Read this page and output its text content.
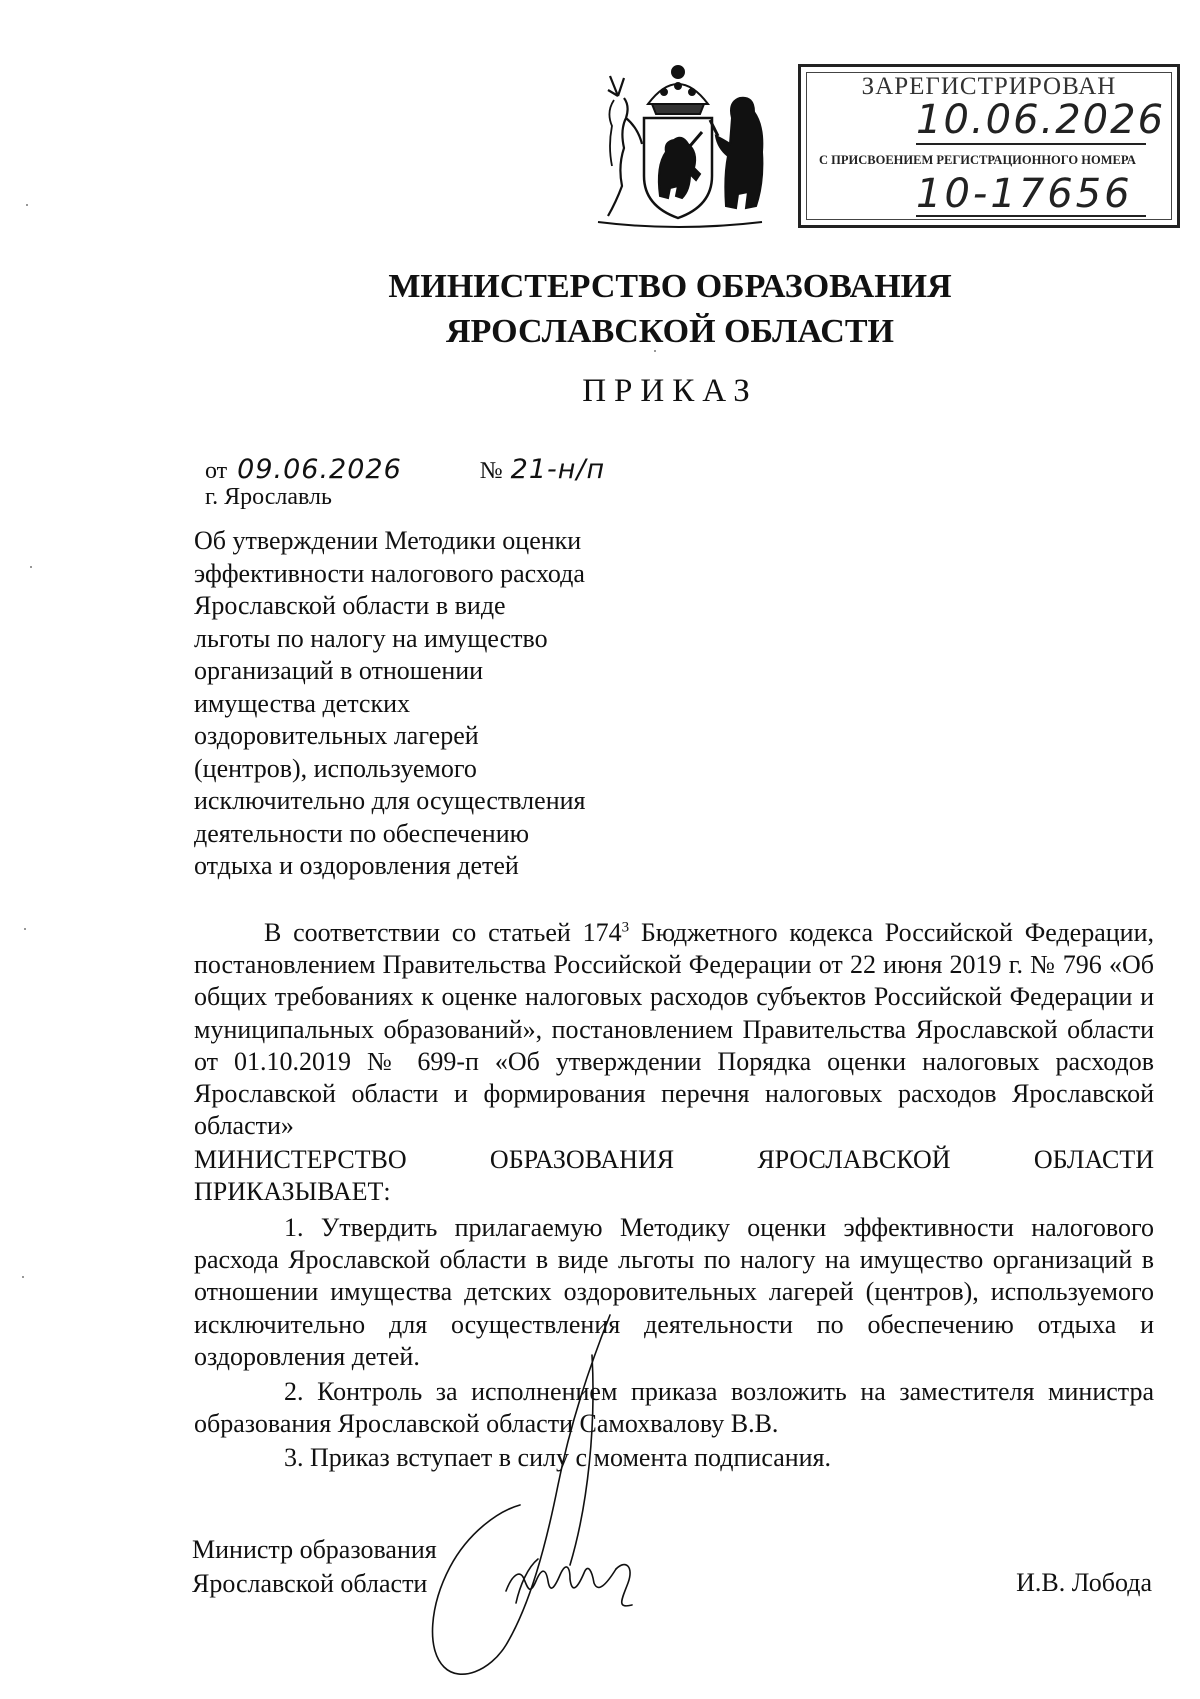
ЗАРЕГИСТРИРОВАН
10.06.2026
С ПРИСВОЕНИЕМ РЕГИСТРАЦИОННОГО НОМЕРА
10-17656
МИНИСТЕРСТВО ОБРАЗОВАНИЯ
ЯРОСЛАВСКОЙ ОБЛАСТИ
ПРИКАЗ
от 09.06.2026	№ 21-н/п
г. Ярославль
Об утверждении Методики оценки
эффективности налогового расхода
Ярославской области в виде
льготы по налогу на имущество
организаций в отношении
имущества детских
оздоровительных лагерей
(центров), используемого
исключительно для осуществления
деятельности по обеспечению
отдыха и оздоровления детей

В соответствии со статьей $174^3$ Бюджетного кодекса Российской Федерации, постановлением Правительства Российской Федерации от 22 июня 2019 г. № 796 «Об общих требованиях к оценке налоговых расходов субъектов Российской Федерации и муниципальных образований», постановлением Правительства Ярославской области от 01.10.2019 № 699-п «Об утверждении Порядка оценки налоговых расходов Ярославской области и формирования перечня налоговых расходов Ярославской области»

МИНИСТЕРСТВО ОБРАЗОВАНИЯ ЯРОСЛАВСКОЙ ОБЛАСТИ
ПРИКАЗЫВАЕТ:

1. Утвердить прилагаемую Методику оценки эффективности налогового расхода Ярославской области в виде льготы по налогу на имущество организаций в отношении имущества детских оздоровительных лагерей (центров), используемого исключительно для осуществления деятельности по обеспечению отдыха и оздоровления детей.

2. Контроль за исполнением приказа возложить на заместителя министра образования Ярославской области Самохвалову В.В.

3. Приказ вступает в силу с момента подписания.

Министр образования
Ярославской области	И.В. Лобода
